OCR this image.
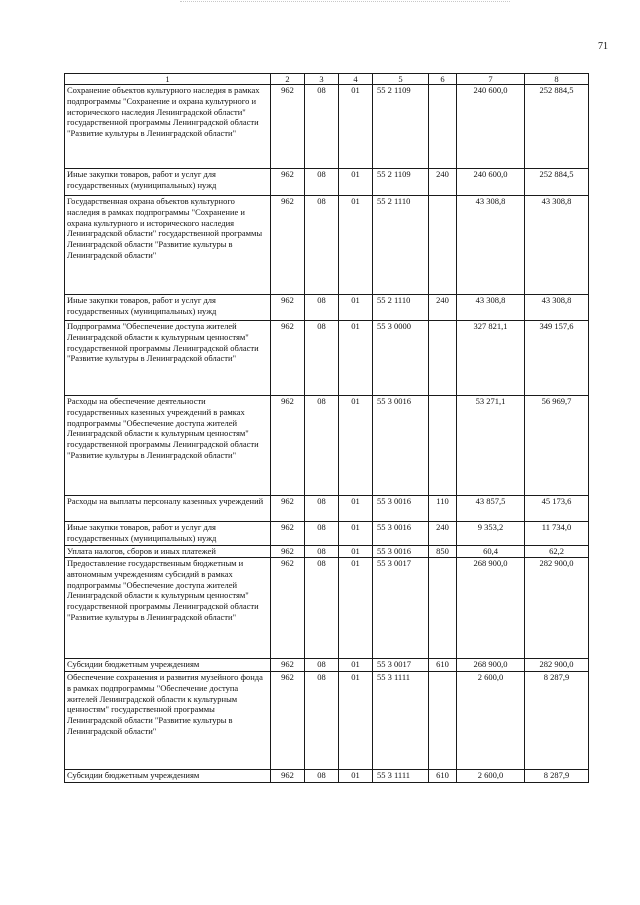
71
1	2	3	4	5	6	7	8
Сохранение объектов культурного наследия в рамках подпрограммы "Сохранение и охрана культурного и исторического наследия Ленинградской области" государственной программы Ленинградской области "Развитие культуры в Ленинградской области"	962	08	01	55 2 1109		240 600,0	252 884,5
Иные закупки товаров, работ и услуг для государственных (муниципальных) нужд	962	08	01	55 2 1109	240	240 600,0	252 884,5
Государственная охрана объектов культурного наследия в рамках подпрограммы "Сохранение и охрана культурного и исторического наследия Ленинградской области" государственной программы Ленинградской области "Развитие культуры в Ленинградской области"	962	08	01	55 2 1110		43 308,8	43 308,8
Иные закупки товаров, работ и услуг для государственных (муниципальных) нужд	962	08	01	55 2 1110	240	43 308,8	43 308,8
Подпрограмма "Обеспечение доступа жителей Ленинградской области к культурным ценностям" государственной программы Ленинградской области "Развитие культуры в Ленинградской области"	962	08	01	55 3 0000		327 821,1	349 157,6
Расходы на обеспечение деятельности государственных казенных учреждений в рамках подпрограммы "Обеспечение доступа жителей Ленинградской области к культурным ценностям" государственной программы Ленинградской области "Развитие культуры в Ленинградской области"	962	08	01	55 3 0016		53 271,1	56 969,7
Расходы на выплаты персоналу казенных учреждений	962	08	01	55 3 0016	110	43 857,5	45 173,6
Иные закупки товаров, работ и услуг для государственных (муниципальных) нужд	962	08	01	55 3 0016	240	9 353,2	11 734,0
Уплата налогов, сборов и иных платежей	962	08	01	55 3 0016	850	60,4	62,2
Предоставление государственным бюджетным и автономным учреждениям субсидий в рамках подпрограммы "Обеспечение доступа жителей Ленинградской области к культурным ценностям" государственной программы Ленинградской области "Развитие культуры в Ленинградской области"	962	08	01	55 3 0017		268 900,0	282 900,0
Субсидии бюджетным учреждениям	962	08	01	55 3 0017	610	268 900,0	282 900,0
Обеспечение сохранения и развития музейного фонда в рамках подпрограммы "Обеспечение доступа жителей Ленинградской области к культурным ценностям" государственной программы Ленинградской области "Развитие культуры в Ленинградской области"	962	08	01	55 3 1111		2 600,0	8 287,9
Субсидии бюджетным учреждениям	962	08	01	55 3 1111	610	2 600,0	8 287,9
